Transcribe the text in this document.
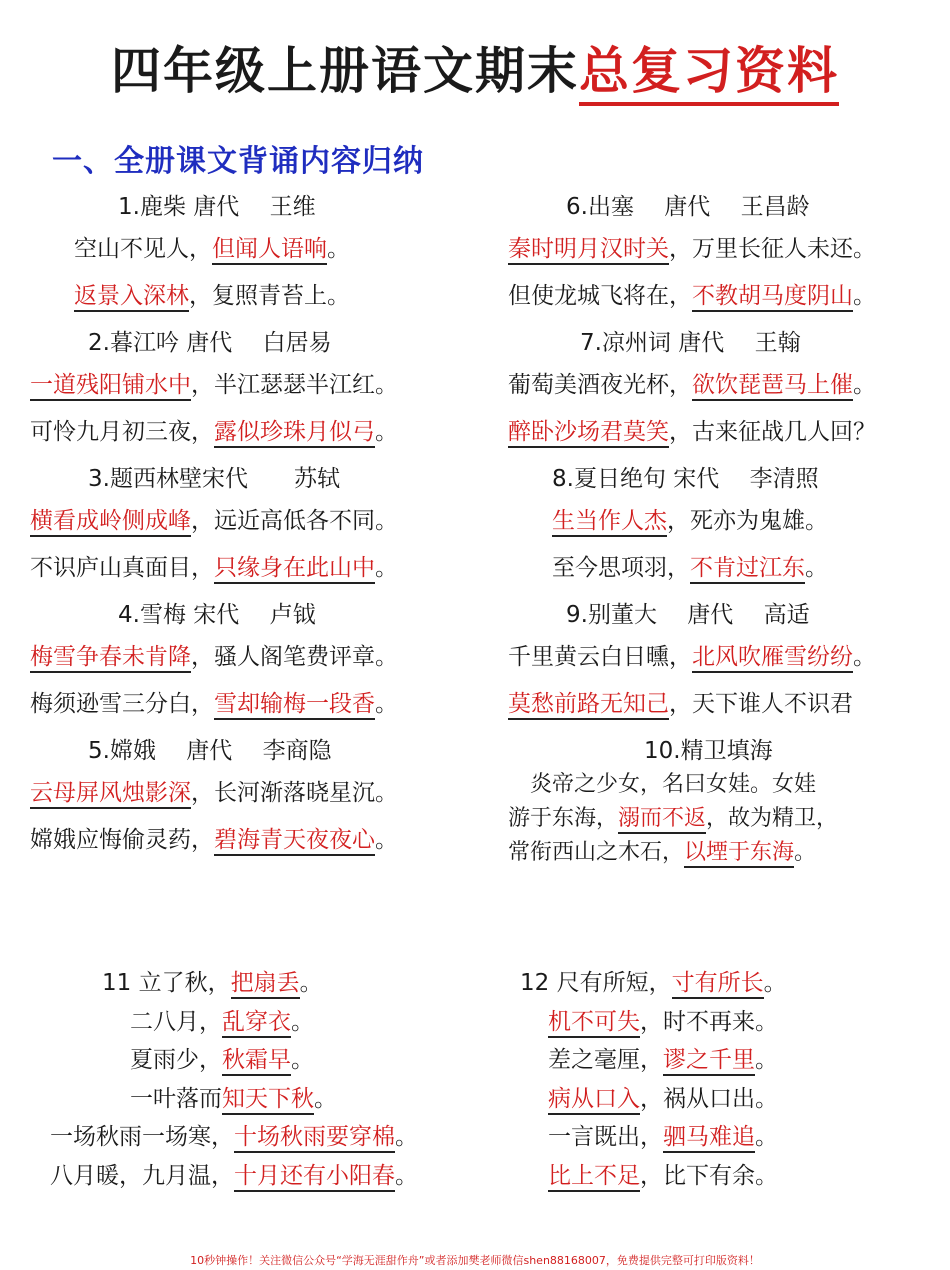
四年级上册语文期末总复习资料
一、全册课文背诵内容归纳
1.鹿柴 唐代　 王维
空山不见人，但闻人语响。
返景入深林，复照青苔上。
2.暮江吟 唐代　 白居易
一道残阳铺水中，半江瑟瑟半江红。
可怜九月初三夜，露似珍珠月似弓。
3.题西林壁宋代　　苏轼
横看成岭侧成峰，远近高低各不同。
不识庐山真面目，只缘身在此山中。
4.雪梅 宋代　 卢钺
梅雪争春未肯降，骚人阁笔费评章。
梅须逊雪三分白，雪却输梅一段香。
5.嫦娥　 唐代　 李商隐
云母屏风烛影深，长河渐落晓星沉。
嫦娥应悔偷灵药，碧海青天夜夜心。
6.出塞　 唐代　 王昌龄
秦时明月汉时关，万里长征人未还。
但使龙城飞将在，不教胡马度阴山。
7.凉州词 唐代　 王翰
葡萄美酒夜光杯，欲饮琵琶马上催。
醉卧沙场君莫笑，古来征战几人回？
8.夏日绝句 宋代　 李清照
生当作人杰，死亦为鬼雄。
至今思项羽，不肯过江东。
9.别董大　 唐代　 高适
千里黄云白日曛，北风吹雁雪纷纷。
莫愁前路无知己，天下谁人不识君
10.精卫填海
　炎帝之少女，名曰女娃。女娃
游于东海，溺而不返，故为精卫，
常衔西山之木石，以堙于东海。
11 立了秋，把扇丢。
二八月，乱穿衣。
夏雨少，秋霜早。
一叶落而知天下秋。
一场秋雨一场寒，十场秋雨要穿棉。
八月暖，九月温，十月还有小阳春。
12 尺有所短，寸有所长。
机不可失，时不再来。
差之毫厘，谬之千里。
病从口入，祸从口出。
一言既出，驷马难追。
比上不足，比下有余。
10秒钟操作！关注微信公众号“学海无涯甜作舟”或者添加樊老师微信shen88168007，免费提供完整可打印版资料！
